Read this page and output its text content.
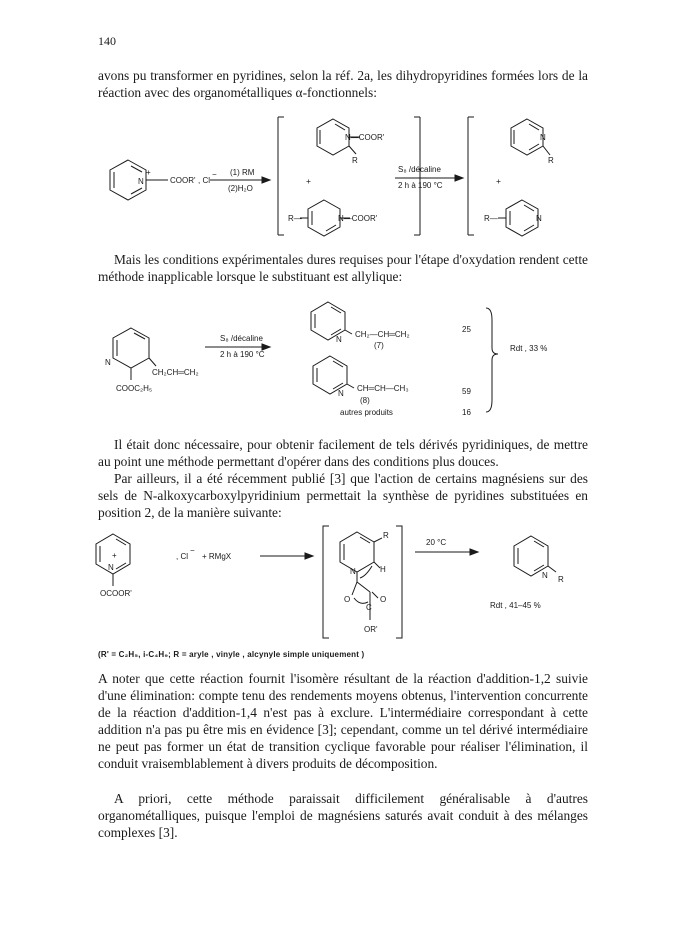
140

avons pu transformer en pyridines, selon la réf. 2a, les dihydropyridines formées lors de la réaction avec des organométalliques α-fonctionnels:

+
N	COOR' , Cl
− (1) RM
(2)H₂O
N—COOR'
R
+
R—	N—COOR'
S₈ /décaline
2 h à 190 °C
N
R
+
R—	N

Mais les conditions expérimentales dures requises pour l'étape d'oxydation rendent cette méthode inapplicable lorsque le substituant est allylique:

N
CH₂CH═CH₂
COOC₂H₅
S₈ /décaline
2 h à 190 °C
N
CH₂—CH═CH₂
(7)
25
N
CH═CH—CH₃
(8)
59
autres produits	16
Rdt , 33 %

Il était donc nécessaire, pour obtenir facilement de tels dérivés pyridiniques, de mettre au point une méthode permettant d'opérer dans des conditions plus douces.

Par ailleurs, il a été récemment publié [3] que l'action de certains magnésiens sur des sels de N-alkoxycarboxylpyridinium permettait la synthèse de pyridines substituées en position 2, de la manière suivante:

+
N
OCOOR'
, Cl
−
+ RMgX
R
H
N
O
C
O
OR'
20 °C
N R
Rdt , 41–45 %
(R' = C₂H₅, i-C₄H₉; R = aryle , vinyle , alcynyle simple uniquement )

A noter que cette réaction fournit l'isomère résultant de la réaction d'addition-1,2 suivie d'une élimination: compte tenu des rendements moyens obtenus, l'intervention concurrente de la réaction d'addition-1,4 n'est pas à exclure. L'intermédiaire correspondant à cette addition n'a pas pu être mis en évidence [3]; cependant, comme un tel dérivé intermédiaire ne peut pas former un état de transition cyclique favorable pour réaliser l'élimination, il conduit vraisemblablement à divers produits de décomposition.

A priori, cette méthode paraissait difficilement généralisable à d'autres organométalliques, puisque l'emploi de magnésiens saturés avait conduit à des mélanges complexes [3].
